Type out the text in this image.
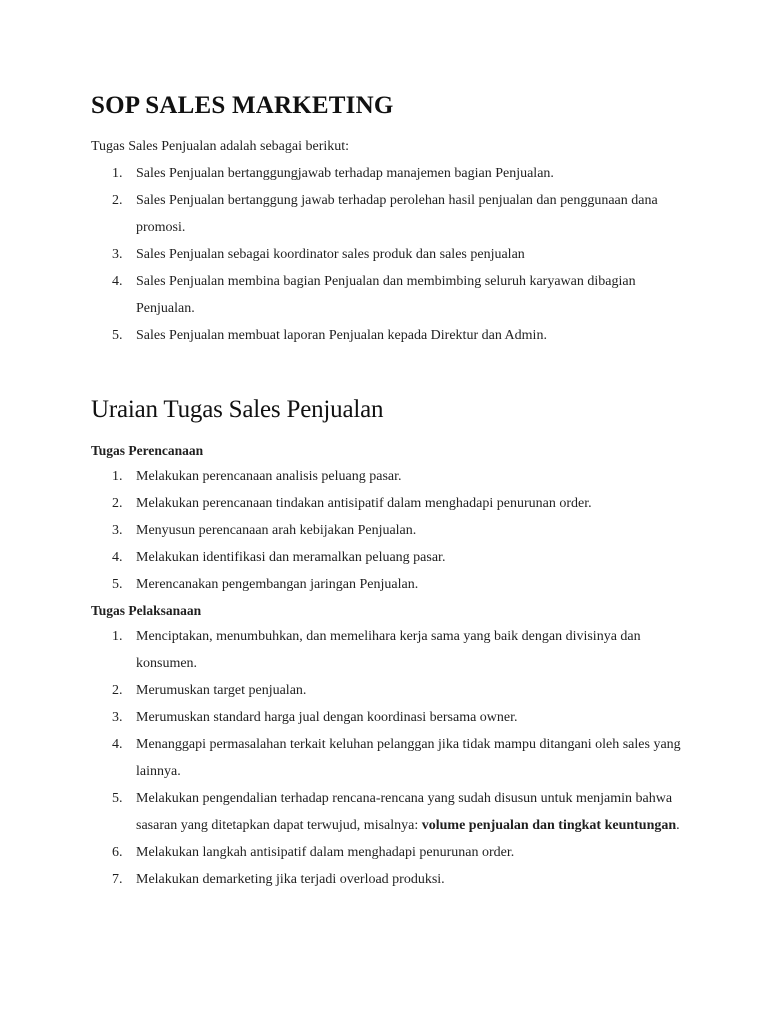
SOP SALES MARKETING

Tugas Sales Penjualan adalah sebagai berikut:

1. Sales Penjualan bertanggungjawab terhadap manajemen bagian Penjualan.
2. Sales Penjualan bertanggung jawab terhadap perolehan hasil penjualan dan penggunaan dana promosi.
3. Sales Penjualan sebagai koordinator sales produk dan sales penjualan
4. Sales Penjualan membina bagian Penjualan dan membimbing seluruh karyawan dibagian Penjualan.
5. Sales Penjualan membuat laporan Penjualan kepada Direktur dan Admin.
Uraian Tugas Sales Penjualan

Tugas Perencanaan

1. Melakukan perencanaan analisis peluang pasar.
2. Melakukan perencanaan tindakan antisipatif dalam menghadapi penurunan order.
3. Menyusun perencanaan arah kebijakan Penjualan.
4. Melakukan identifikasi dan meramalkan peluang pasar.
5. Merencanakan pengembangan jaringan Penjualan.

Tugas Pelaksanaan

1. Menciptakan, menumbuhkan, dan memelihara kerja sama yang baik dengan divisinya dan konsumen.
2. Merumuskan target penjualan.
3. Merumuskan standard harga jual dengan koordinasi bersama owner.
4. Menanggapi permasalahan terkait keluhan pelanggan jika tidak mampu ditangani oleh sales yang lainnya.
5. Melakukan pengendalian terhadap rencana-rencana yang sudah disusun untuk menjamin bahwa sasaran yang ditetapkan dapat terwujud, misalnya: volume penjualan dan tingkat keuntungan.
6. Melakukan langkah antisipatif dalam menghadapi penurunan order.
7. Melakukan demarketing jika terjadi overload produksi.
